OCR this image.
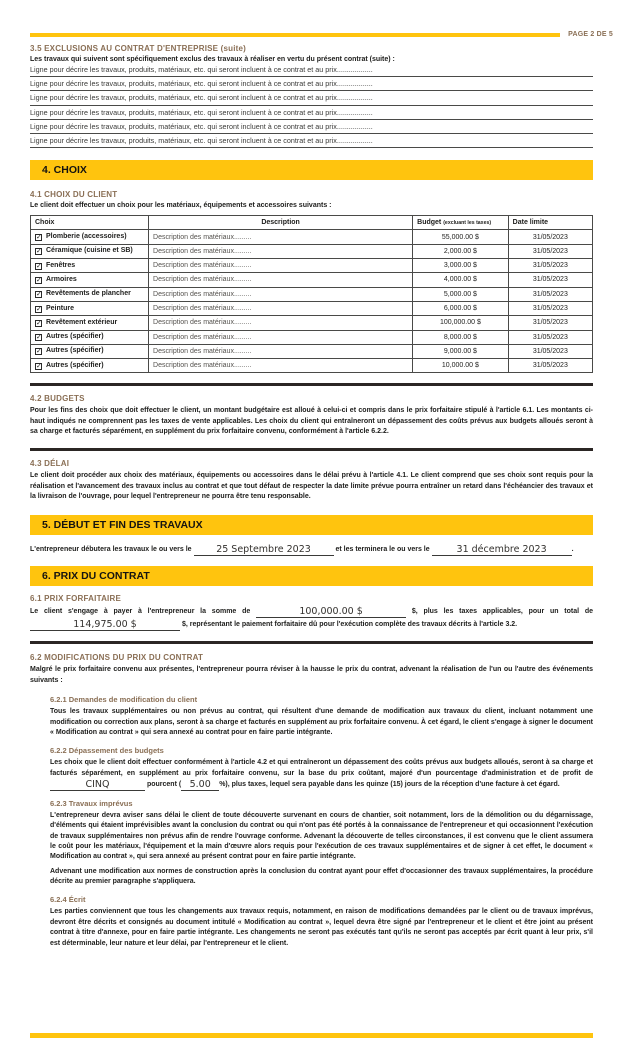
PAGE 2 DE 5
3.5 EXCLUSIONS AU CONTRAT D'ENTREPRISE (suite)
Les travaux qui suivent sont spécifiquement exclus des travaux à réaliser en vertu du présent contrat (suite) :
Ligne pour décrire les travaux, produits, matériaux, etc. qui seront incluent à ce contrat et au prix..................
Ligne pour décrire les travaux, produits, matériaux, etc. qui seront incluent à ce contrat et au prix..................
Ligne pour décrire les travaux, produits, matériaux, etc. qui seront incluent à ce contrat et au prix..................
Ligne pour décrire les travaux, produits, matériaux, etc. qui seront incluent à ce contrat et au prix..................
Ligne pour décrire les travaux, produits, matériaux, etc. qui seront incluent à ce contrat et au prix..................
Ligne pour décrire les travaux, produits, matériaux, etc. qui seront incluent à ce contrat et au prix..................
4. CHOIX
4.1 CHOIX DU CLIENT
Le client doit effectuer un choix pour les matériaux, équipements et accessoires suivants :
Choix	Description	Budget (excluant les taxes)	Date limite
✓ Plomberie (accessoires)	Description des matériaux.........	55,000.00 $	31/05/2023
✓ Céramique (cuisine et SB)	Description des matériaux.........	2,000.00 $	31/05/2023
✓ Fenêtres	Description des matériaux.........	3,000.00 $	31/05/2023
✓ Armoires	Description des matériaux.........	4,000.00 $	31/05/2023
✓ Revêtements de plancher	Description des matériaux.........	5,000.00 $	31/05/2023
✓ Peinture	Description des matériaux.........	6,000.00 $	31/05/2023
✓ Revêtement extérieur	Description des matériaux.........	100,000.00 $	31/05/2023
✓ Autres (spécifier)	Description des matériaux.........	8,000.00 $	31/05/2023
✓ Autres (spécifier)	Description des matériaux.........	9,000.00 $	31/05/2023
✓ Autres (spécifier)	Description des matériaux.........	10,000.00 $	31/05/2023
4.2 BUDGETS

Pour les fins des choix que doit effectuer le client, un montant budgétaire est alloué à celui-ci et compris dans le prix forfaitaire stipulé à l'article 6.1. Les montants ci-haut indiqués ne comprennent pas les taxes de vente applicables. Les choix du client qui entraîneront un dépassement des coûts prévus aux budgets alloués seront à sa charge et facturés séparément, en supplément du prix forfaitaire convenu, conformément à l'article 6.2.2.

4.3 DÉLAI

Le client doit procéder aux choix des matériaux, équipements ou accessoires dans le délai prévu à l'article 4.1. Le client comprend que ses choix sont requis pour la réalisation et l'avancement des travaux inclus au contrat et que tout défaut de respecter la date limite prévue pourra entraîner un retard dans l'échéancier des travaux et la livraison de l'ouvrage, pour lequel l'entrepreneur ne pourra être tenu responsable.

5. DÉBUT ET FIN DES TRAVAUX

L'entrepreneur débutera les travaux le ou vers le	25 Septembre 2023	et les terminera le ou vers le	31 décembre 2023	.

6. PRIX DU CONTRAT
6.1 PRIX FORFAITAIRE

Le client s'engage à payer à l'entrepreneur la somme de	100,000.00 $	$, plus les taxes applicables, pour un total de 114,975.00 $	$, représentant le paiement forfaitaire dû pour l'exécution complète des travaux décrits à l'article 3.2.

6.2 MODIFICATIONS DU PRIX DU CONTRAT

Malgré le prix forfaitaire convenu aux présentes, l'entrepreneur pourra réviser à la hausse le prix du contrat, advenant la réalisation de l'un ou l'autre des événements suivants :

6.2.1 Demandes de modification du client

Tous les travaux supplémentaires ou non prévus au contrat, qui résultent d'une demande de modification aux travaux du client, incluant notamment une modification ou correction aux plans, seront à sa charge et facturés en supplément au prix forfaitaire convenu. À cet égard, le client s'engage à signer le document « Modification au contrat » qui sera annexé au contrat pour en faire partie intégrante.

6.2.2 Dépassement des budgets

Les choix que le client doit effectuer conformément à l'article 4.2 et qui entraîneront un dépassement des coûts prévus aux budgets alloués, seront à sa charge et facturés séparément, en supplément au prix forfaitaire convenu, sur la base du prix coûtant, majoré d'un pourcentage d'administration et de profit de CINQ	pourcent ( 5.00 %), plus taxes, lequel sera payable dans les quinze (15) jours de la réception d'une facture à cet égard.

6.2.3 Travaux imprévus

L'entrepreneur devra aviser sans délai le client de toute découverte survenant en cours de chantier, soit notamment, lors de la démolition ou du dégarnissage, d'éléments qui étaient imprévisibles avant la conclusion du contrat ou qui n'ont pas été portés à la connaissance de l'entrepreneur et qui occasionnent l'exécution de travaux supplémentaires non prévus afin de rendre l'ouvrage conforme. Advenant la découverte de telles circonstances, il est convenu que le client assumera le coût pour les matériaux, l'équipement et la main d'œuvre alors requis pour l'exécution de ces travaux supplémentaires et de signer à cet effet, le document « Modification au contrat », qui sera annexé au présent contrat pour en faire partie intégrante.

Advenant une modification aux normes de construction après la conclusion du contrat ayant pour effet d'occasionner des travaux supplémentaires, la procédure décrite au premier paragraphe s'appliquera.

6.2.4 Écrit

Les parties conviennent que tous les changements aux travaux requis, notamment, en raison de modifications demandées par le client ou de travaux imprévus, devront être décrits et consignés au document intitulé « Modification au contrat », lequel devra être signé par l'entrepreneur et le client et être joint au présent contrat à titre d'annexe, pour en faire partie intégrante. Les changements ne seront pas exécutés tant qu'ils ne seront pas acceptés par écrit quant à leur prix, s'il est déterminable, leur nature et leur délai, par l'entrepreneur et le client.
